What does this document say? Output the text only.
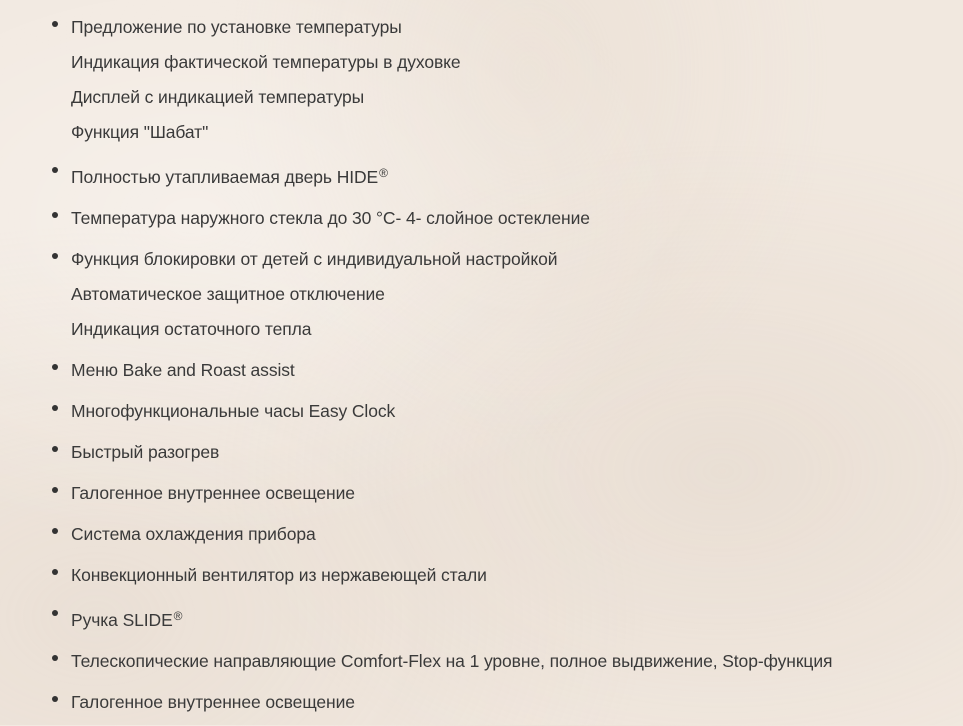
Предложение по установке температуры
Индикация фактической температуры в духовке
Дисплей с индикацией температуры
Функция "Шабат"
Полностью утапливаемая дверь HIDE®
Температура наружного стекла до 30 °C- 4- слойное остекление
Функция блокировки от детей с индивидуальной настройкой
Автоматическое защитное отключение
Индикация остаточного тепла
Меню Bake and Roast assist
Многофункциональные часы Easy Clock
Быстрый разогрев
Галогенное внутреннее освещение
Система охлаждения прибора
Конвекционный вентилятор из нержавеющей стали
Ручка SLIDE®
Телескопические направляющие Comfort-Flex на 1 уровне, полное выдвижение, Stop-функция
Галогенное внутреннее освещение
